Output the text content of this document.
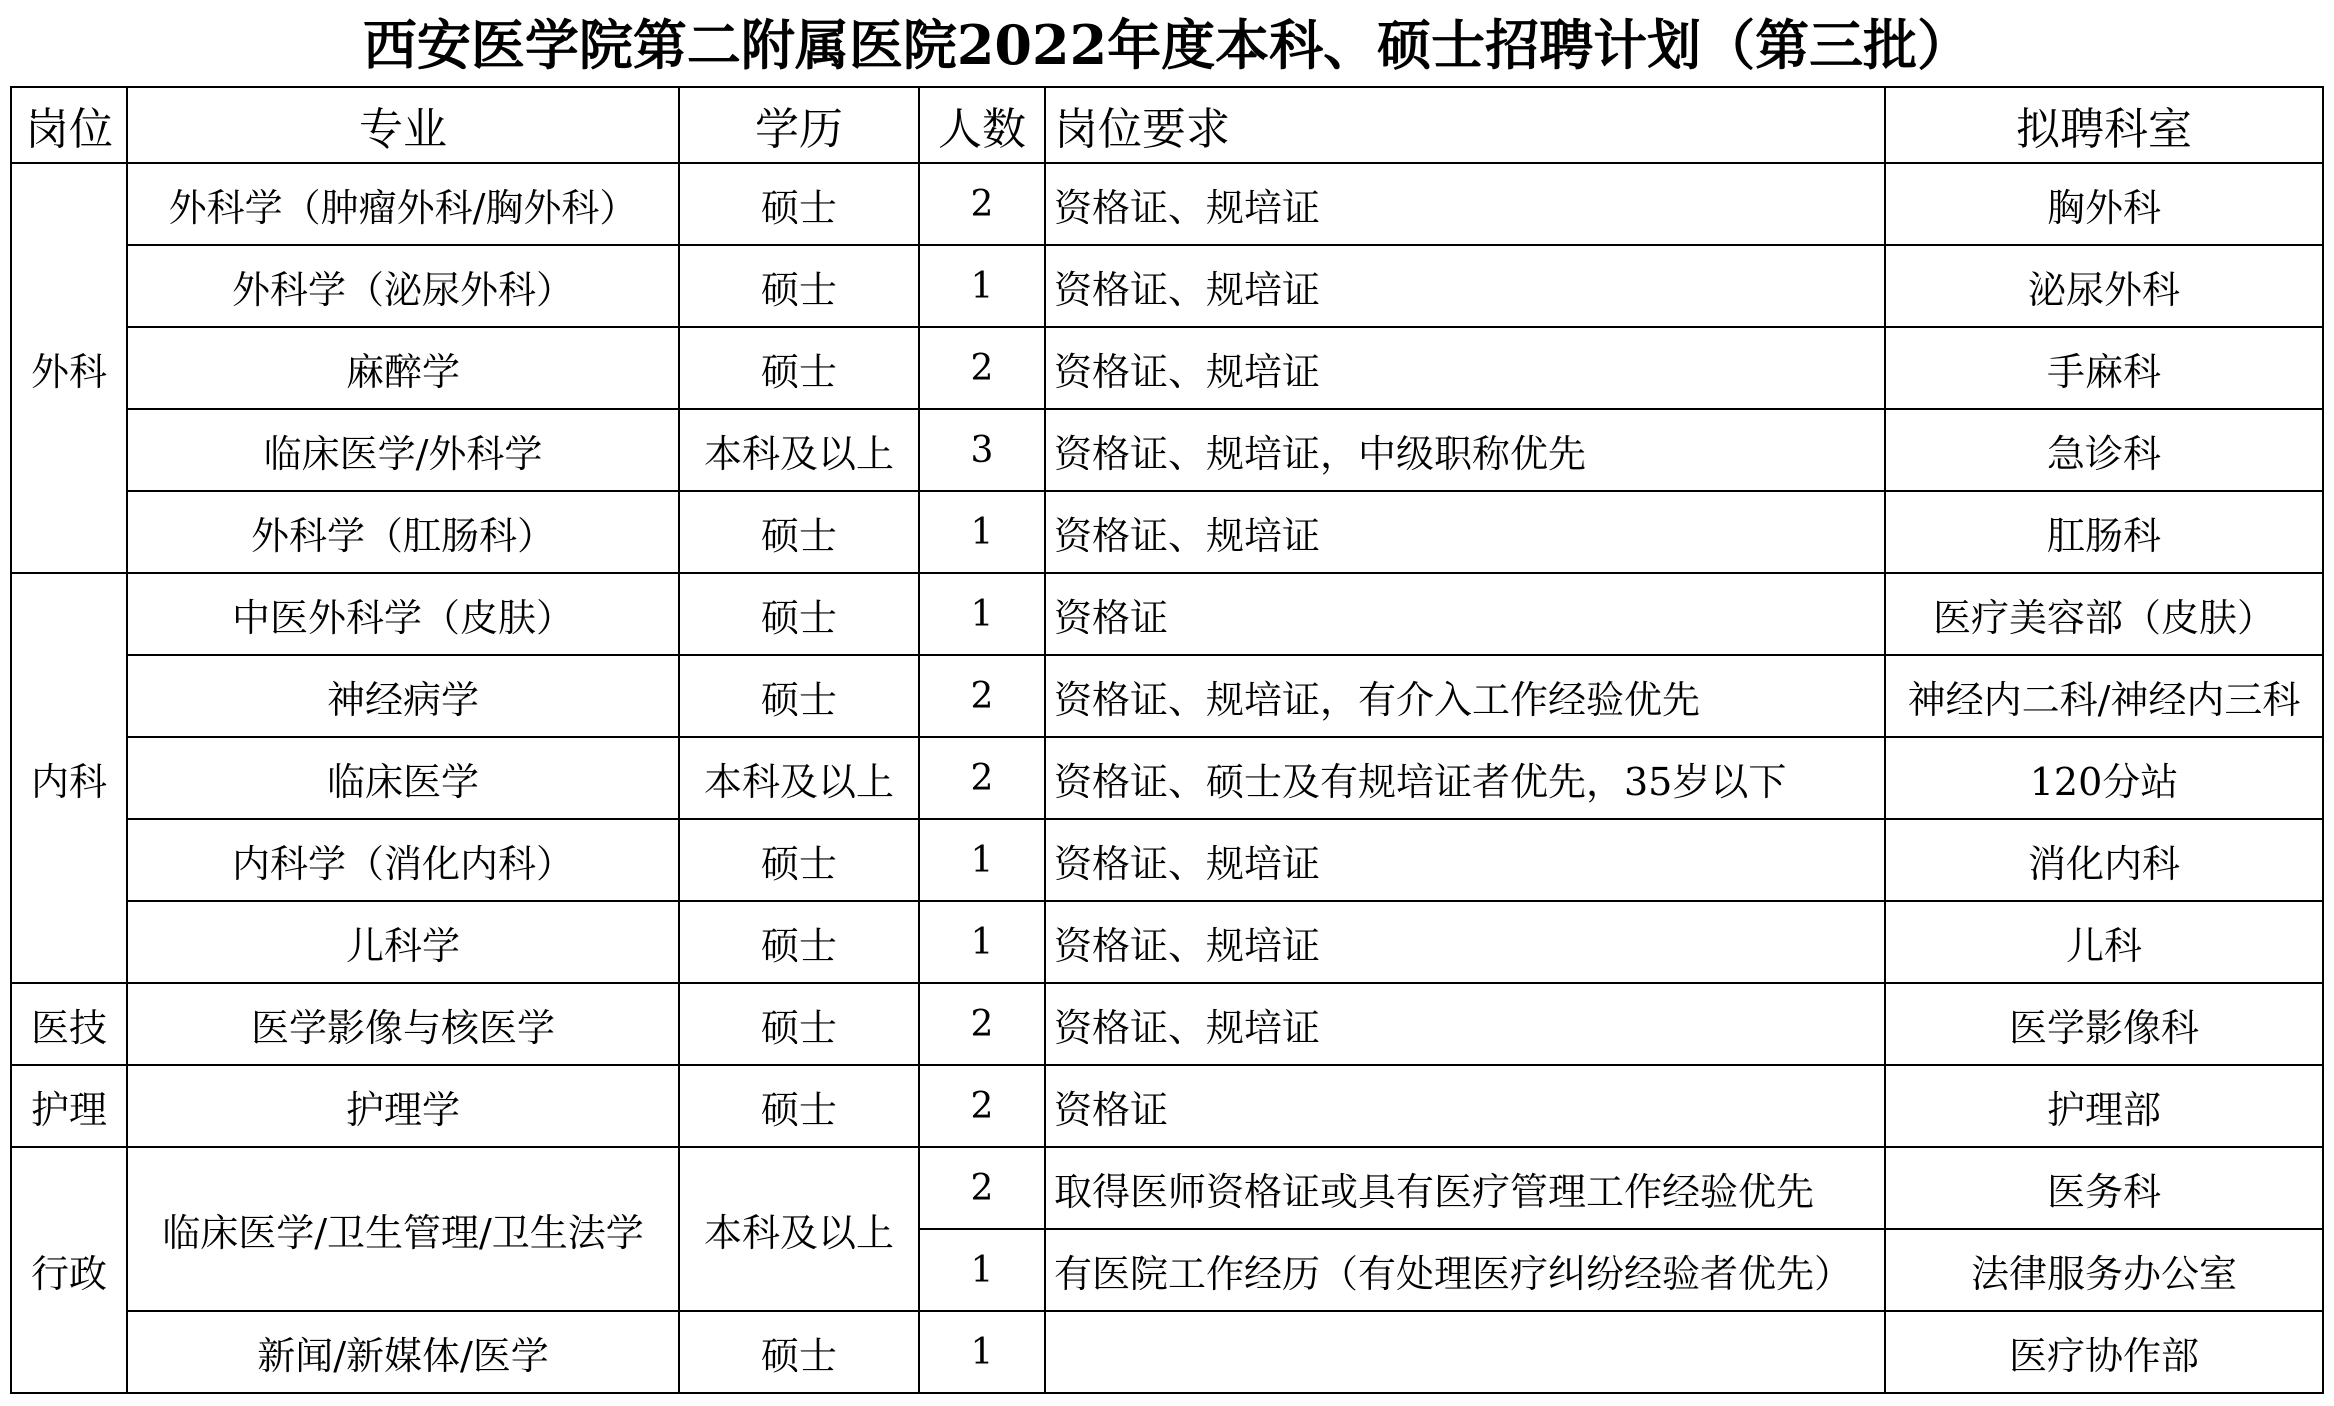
西安医学院第二附属医院2022年度本科、硕士招聘计划（第三批）
岗位	专业	学历	人数	岗位要求	拟聘科室
外科	外科学（肿瘤外科/胸外科）	硕士	2	资格证、规培证	胸外科
	外科学（泌尿外科）	硕士	1	资格证、规培证	泌尿外科
	麻醉学	硕士	2	资格证、规培证	手麻科
	临床医学/外科学	本科及以上	3	资格证、规培证，中级职称优先	急诊科
	外科学（肛肠科）	硕士	1	资格证、规培证	肛肠科
内科	中医外科学（皮肤）	硕士	1	资格证	医疗美容部（皮肤）
	神经病学	硕士	2	资格证、规培证，有介入工作经验优先	神经内二科/神经内三科
	临床医学	本科及以上	2	资格证、硕士及有规培证者优先，35岁以下	120分站
	内科学（消化内科）	硕士	1	资格证、规培证	消化内科
	儿科学	硕士	1	资格证、规培证	儿科
医技	医学影像与核医学	硕士	2	资格证、规培证	医学影像科
护理	护理学	硕士	2	资格证	护理部
行政	临床医学/卫生管理/卫生法学	本科及以上	2	取得医师资格证或具有医疗管理工作经验优先	医务科
			1	有医院工作经历（有处理医疗纠纷经验者优先）	法律服务办公室
	新闻/新媒体/医学	硕士	1		医疗协作部
